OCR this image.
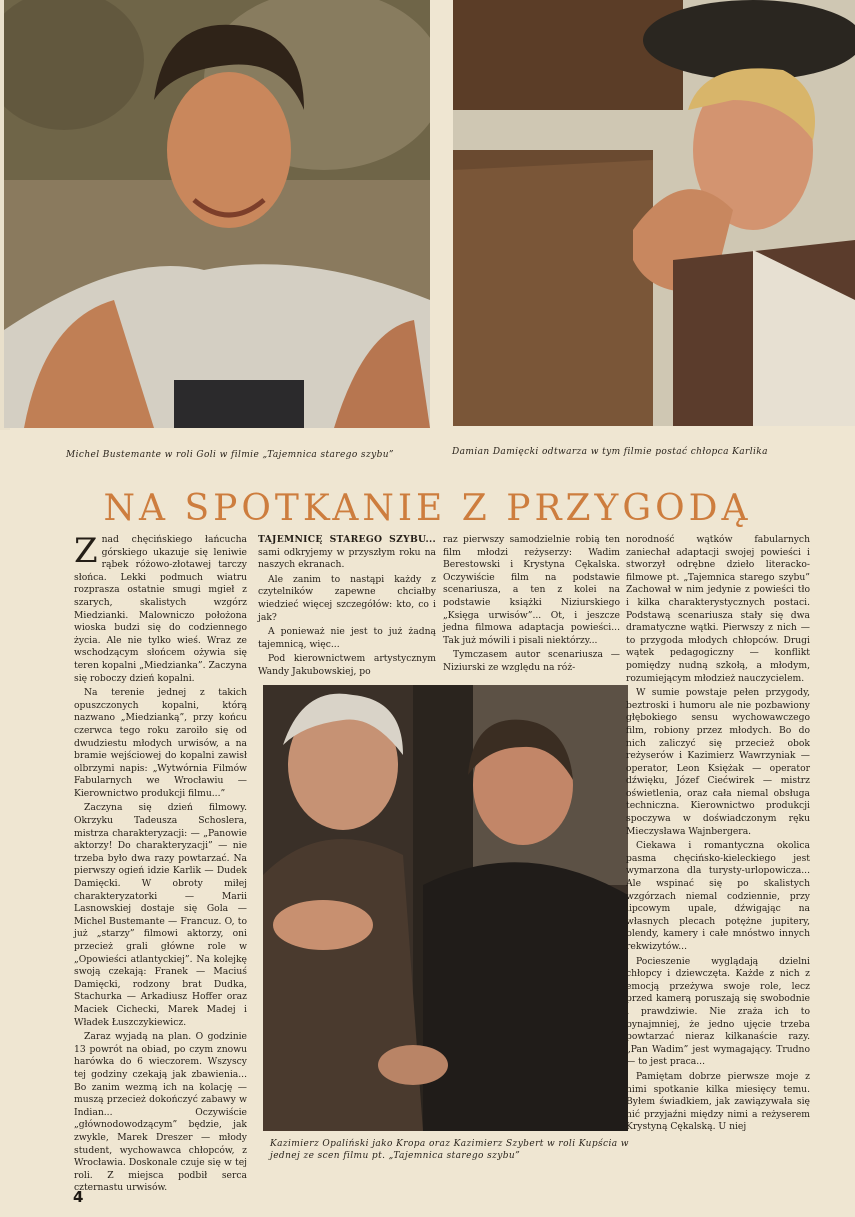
Michel Bustemante w roli Goli w filmie „Tajemnica starego szybu”	Damian Damięcki odtwarza w tym filmie postać chłopca Karlika
NA SPOTKANIE Z PRZYGODĄ
Z nad chęcińskiego łańcucha górskiego ukazuje się leniwie rąbek różowo-złotawej tarczy słońca. Lekki podmuch wiatru rozprasza ostatnie smugi mgieł z szarych, skalistych wzgórz Miedzianki. Malowniczo położona wioska budzi się do codziennego życia. Ale nie tylko wieś. Wraz ze wschodzącym słońcem ożywia się teren kopalni „Miedzianka”. Zaczyna się roboczy dzień kopalni.

Na terenie jednej z takich opuszczonych kopalni, którą nazwano „Miedzianką”, przy końcu czerwca tego roku zaroiło się od dwudziestu młodych urwisów, a na bramie wejściowej do kopalni zawisł olbrzymi napis: „Wytwórnia Filmów Fabularnych we Wrocławiu — Kierownictwo produkcji filmu...”

Zaczyna się dzień filmowy. Okrzyku Tadeusza Schoslera, mistrza charakteryzacji: — „Panowie aktorzy! Do charakteryzacji” — nie trzeba było dwa razy powtarzać. Na pierwszy ogień idzie Karlik — Dudek Damięcki. W obroty miłej charakteryzatorki — Marii Lasnowskiej dostaje się Gola — Michel Bustemante — Francuz. O, to już „starzy” filmowi aktorzy, oni przecież grali główne role w „Opowieści atlantyckiej”. Na kolejkę swoją czekają: Franek — Maciuś Damięcki, rodzony brat Dudka, Stachurka — Arkadiusz Hoffer oraz Maciek Cichecki, Marek Madej i Władek Łuszczykiewicz.

Zaraz wyjadą na plan. O godzinie 13 powrót na obiad, po czym znowu harówka do 6 wieczorem. Wszyscy tej godziny czekają jak zbawienia... Bo zanim wezmą ich na kolację — muszą przecież dokończyć zabawy w Indian... Oczywiście „głównodowodzącym” będzie, jak zwykle, Marek Dreszer — młody student, wychowawca chłopców, z Wrocławia. Doskonale czuje się w tej roli. Z miejsca podbił serca czternastu urwisów.

TAJEMNICĘ STAREGO SZYBU... sami odkryjemy w przyszłym roku na naszych ekranach.

Ale zanim to nastąpi każdy z czytelników zapewne chciałby wiedzieć więcej szczegółów: kto, co i jak?

A ponieważ nie jest to już żadną tajemnicą, więc...

Pod kierownictwem artystycznym Wandy Jakubowskiej, po

raz pierwszy samodzielnie robią ten film młodzi reżyserzy: Wadim Berestowski i Krystyna Cękalska. Oczywiście film na podstawie scenariusza, a ten z kolei na podstawie książki Niziurskiego „Księga urwisów”... Ot, i jeszcze jedna filmowa adaptacja powieści... Tak już mówili i pisali niektórzy...

Tymczasem autor scenariusza — Niziurski ze względu na róż-

Kazimierz Opaliński jako Kropa oraz Kazimierz Szybert w roli Kupścia w jednej ze scen filmu pt. „Tajemnica starego szybu”

norodność wątków fabularnych zaniechał adaptacji swojej powieści i stworzył odrębne dzieło literacko-filmowe pt. „Tajemnica starego szybu” Zachował w nim jedynie z powieści tło i kilka charakterystycznych postaci. Podstawą scenariusza stały się dwa dramatyczne wątki. Pierwszy z nich — to przygoda młodych chłopców. Drugi wątek pedagogiczny — konflikt pomiędzy nudną szkołą, a młodym, rozumiejącym młodzież nauczycielem.

W sumie powstaje pełen przygody, beztroski i humoru ale nie pozbawiony głębokiego sensu wychowawczego film, robiony przez młodych. Bo do nich zaliczyć się przecież obok reżyserów i Kazimierz Wawrzyniak — operator, Leon Księżak — operator dźwięku, Józef Ciećwirek — mistrz oświetlenia, oraz cała niemal obsługa techniczna. Kierownictwo produkcji spoczywa w doświadczonym ręku Mieczysława Wajnbergera.

Ciekawa i romantyczna okolica pasma chęcińsko-kieleckiego jest wymarzona dla turysty-urlopowicza... Ale wspinać się po skalistych wzgórzach niemal codziennie, przy lipcowym upale, dźwigając na własnych plecach potężne jupitery, blendy, kamery i całe mnóstwo innych rekwizytów...

Pocieszenie wyglądają dzielni chłopcy i dziewczęta. Każde z nich z emocją przeżywa swoje role, lecz przed kamerą poruszają się swobodnie i prawdziwie. Nie zraża ich to bynajmniej, że jedno ujęcie trzeba powtarzać nieraz kilkanaście razy. „Pan Wadim” jest wymagający. Trudno — to jest praca...

Pamiętam dobrze pierwsze moje z nimi spotkanie kilka miesięcy temu. Byłem świadkiem, jak zawiązywała się nić przyjaźni między nimi a reżyserem Krystyną Cękalską. U niej

4
